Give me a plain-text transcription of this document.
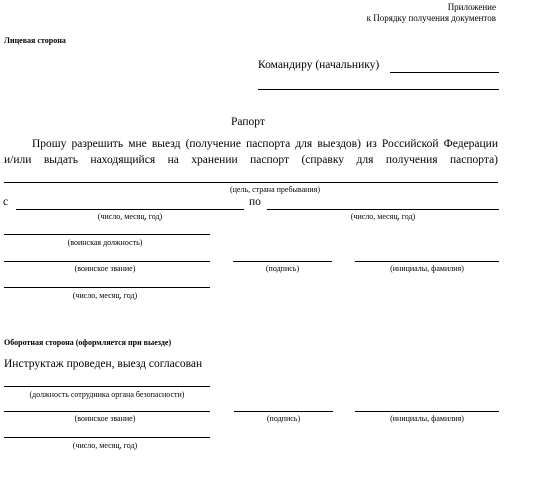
Приложение
к Порядку получения документов
Лицевая сторона
Командиру (начальнику)
Рапорт
Прошу разрешить мне выезд (получение паспорта для выездов) из Российской Федерации
и/или выдать находящийся на хранении паспорт (справку для получения паспорта)
(цель, страна пребывания)
с	по
(число, месяц, год)	(число, месяц, год)
(воинская должность)
(воинское звание)	(подпись)	(инициалы, фамилия)
(число, месяц, год)
Оборотная сторона (оформляется при выезде)
Инструктаж проведен, выезд согласован
(должность сотрудника органа безопасности)
(воинское звание)	(подпись)	(инициалы, фамилия)
(число, месяц, год)
